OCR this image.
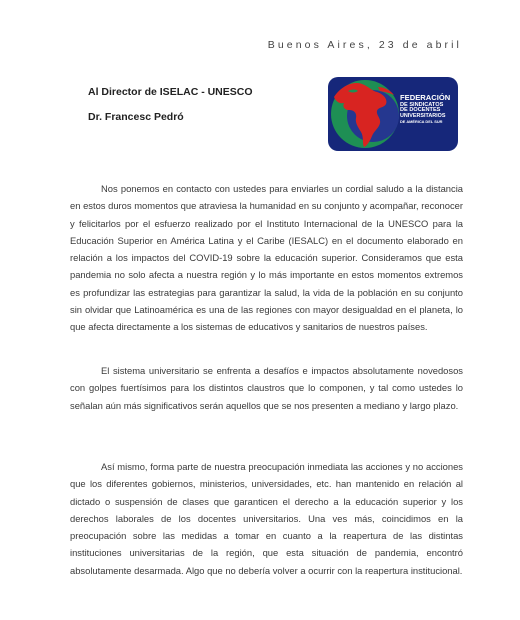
Buenos Aires, 23 de abril
Al Director de ISELAC - UNESCO
Dr. Francesc Pedró
FEDERACIÓN
DE SINDICATOS
DE DOCENTES
UNIVERSITARIOS
DE AMÉRICA DEL SUR

Nos ponemos en contacto con ustedes para enviarles un cordial saludo a la distancia en estos duros momentos que atraviesa la humanidad en su conjunto y acompañar, reconocer y felicitarlos por el esfuerzo realizado por el Instituto Internacional de la UNESCO para la Educación Superior en América Latina y el Caribe (IESALC) en el documento elaborado en relación a los impactos del COVID-19 sobre la educación superior. Consideramos que esta pandemia no solo afecta a nuestra región y lo más importante en estos momentos extremos es profundizar las estrategias para garantizar la salud, la vida de la población en su conjunto sin olvidar que Latinoamérica es una de las regiones con mayor desigualdad en el planeta, lo que afecta directamente a los sistemas de educativos y sanitarios de nuestros países.

El sistema universitario se enfrenta a desafíos e impactos absolutamente novedosos con golpes fuertísimos para los distintos claustros que lo componen, y tal como ustedes lo señalan aún más significativos serán aquellos que se nos presenten a mediano y largo plazo.

Así mismo, forma parte de nuestra preocupación inmediata las acciones y no acciones que los diferentes gobiernos, ministerios, universidades, etc. han mantenido en relación al dictado o suspensión de clases que garanticen el derecho a la educación superior y los derechos laborales de los docentes universitarios. Una ves más, coincidimos en la preocupación sobre las medidas a tomar en cuanto a la reapertura de las distintas instituciones universitarias de la región, que esta situación de pandemia, encontró absolutamente desarmada. Algo que no debería volver a ocurrir con la reapertura institucional.
